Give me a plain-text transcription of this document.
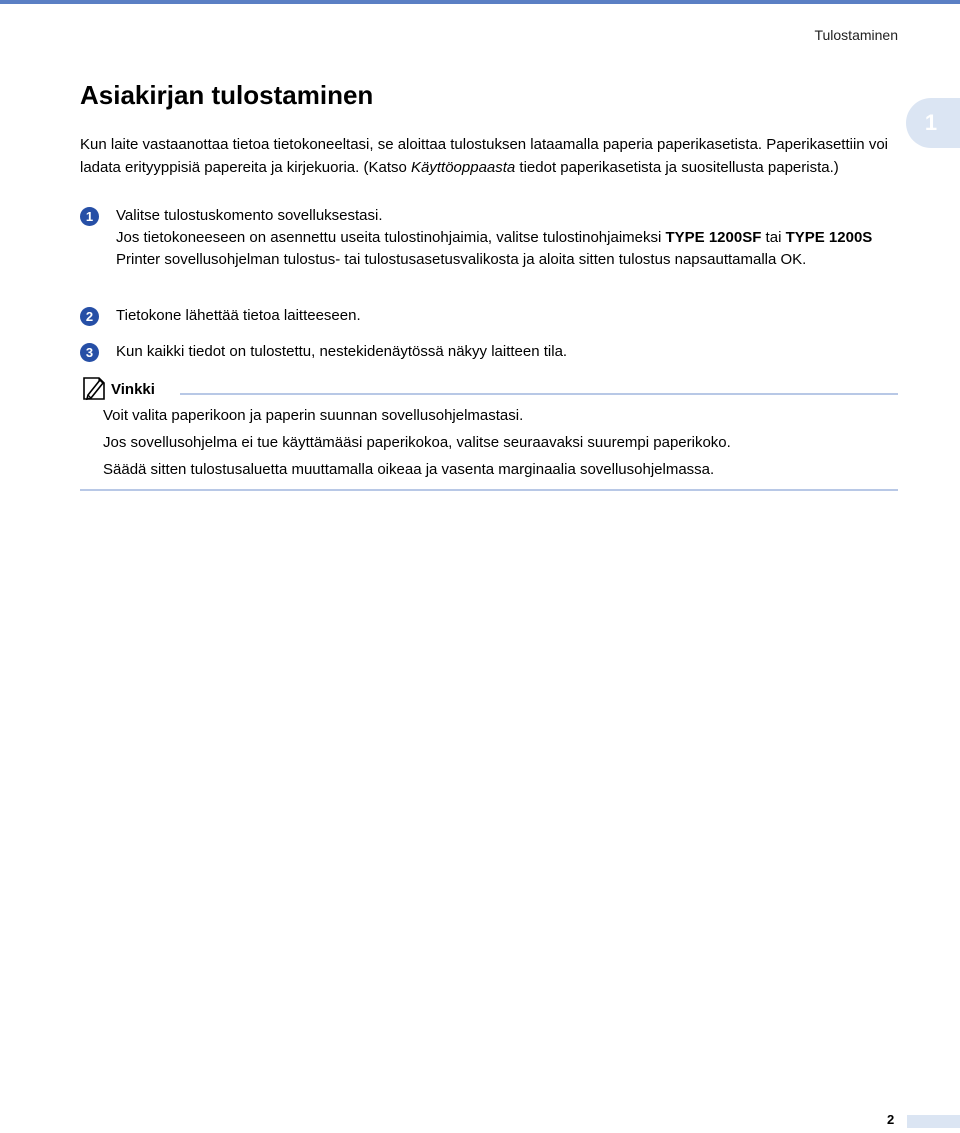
Tulostaminen
1
Asiakirjan tulostaminen

Kun laite vastaanottaa tietoa tietokoneeltasi, se aloittaa tulostuksen lataamalla paperia paperikasetista. Paperikasettiin voi ladata erityyppisiä papereita ja kirjekuoria. (Katso Käyttöoppaasta tiedot paperikasetista ja suositellusta paperista.)

1	Valitse tulostuskomento sovelluksestasi.

Jos tietokoneeseen on asennettu useita tulostinohjaimia, valitse tulostinohjaimeksi TYPE 1200SF tai TYPE 1200S Printer sovellusohjelman tulostus- tai tulostusasetusvalikosta ja aloita sitten tulostus napsauttamalla OK.

2	Tietokone lähettää tietoa laitteeseen.

3	Kun kaikki tiedot on tulostettu, nestekidenäytössä näkyy laitteen tila.

Vinkki

Voit valita paperikoon ja paperin suunnan sovellusohjelmastasi.

Jos sovellusohjelma ei tue käyttämääsi paperikokoa, valitse seuraavaksi suurempi paperikoko.

Säädä sitten tulostusaluetta muuttamalla oikeaa ja vasenta marginaalia sovellusohjelmassa.

2
